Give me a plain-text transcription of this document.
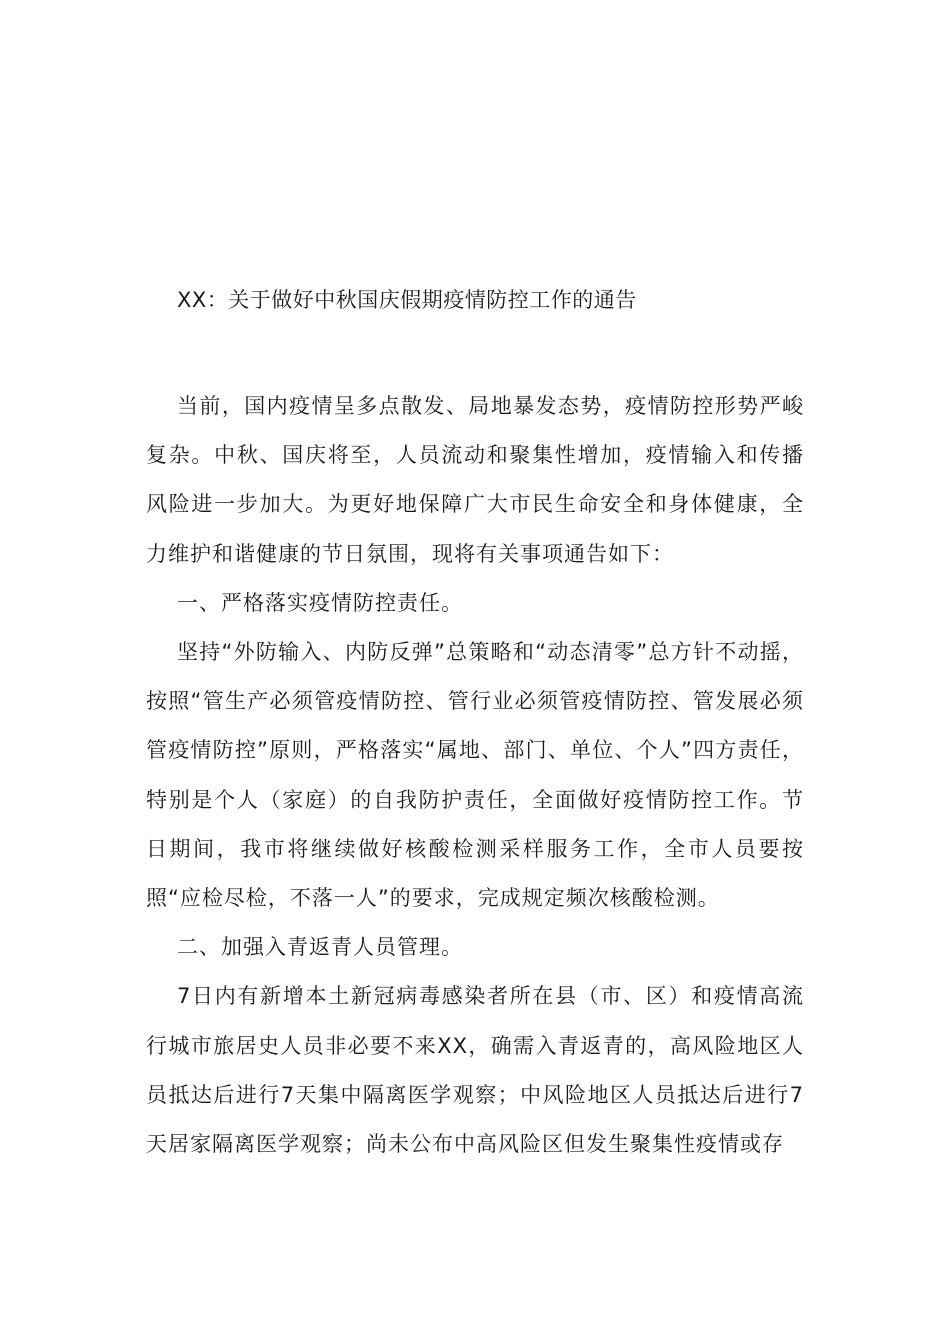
XX：关于做好中秋国庆假期疫情防控工作的通告

当前，国内疫情呈多点散发、局地暴发态势，疫情防控形势严峻复杂。中秋、国庆将至，人员流动和聚集性增加，疫情输入和传播风险进一步加大。为更好地保障广大市民生命安全和身体健康，全力维护和谐健康的节日氛围，现将有关事项通告如下：

一、严格落实疫情防控责任。

坚持“外防输入、内防反弹”总策略和“动态清零”总方针不动摇，按照“管生产必须管疫情防控、管行业必须管疫情防控、管发展必须管疫情防控”原则，严格落实“属地、部门、单位、个人”四方责任，特别是个人（家庭）的自我防护责任，全面做好疫情防控工作。节日期间，我市将继续做好核酸检测采样服务工作，全市人员要按照“应检尽检，不落一人”的要求，完成规定频次核酸检测。

二、加强入青返青人员管理。

7日内有新增本土新冠病毒感染者所在县（市、区）和疫情高流行城市旅居史人员非必要不来XX，确需入青返青的，高风险地区人员抵达后进行7天集中隔离医学观察；中风险地区人员抵达后进行7天居家隔离医学观察；尚未公布中高风险区但发生聚集性疫情或存
